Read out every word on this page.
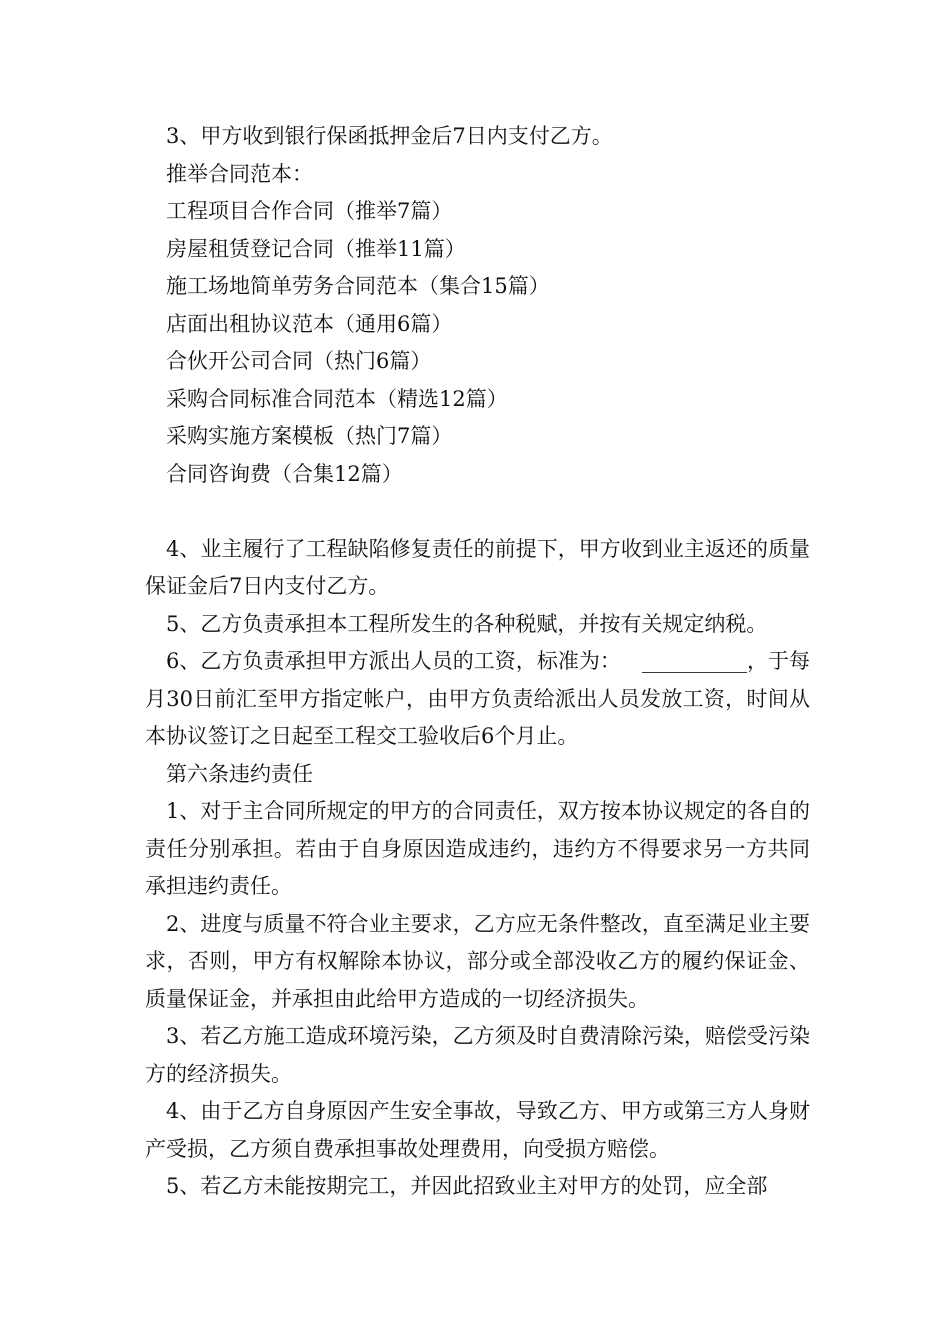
3、甲方收到银行保函抵押金后7日内支付乙方。
推举合同范本：
工程项目合作合同（推举7篇）
房屋租赁登记合同（推举11篇）
施工场地简单劳务合同范本（集合15篇）
店面出租协议范本（通用6篇）
合伙开公司合同（热门6篇）
采购合同标准合同范本（精选12篇）
采购实施方案模板（热门7篇）
合同咨询费（合集12篇）

4、业主履行了工程缺陷修复责任的前提下，甲方收到业主返还的质量保证金后7日内支付乙方。

5、乙方负责承担本工程所发生的各种税赋，并按有关规定纳税。

6、乙方负责承担甲方派出人员的工资，标准为： __________，于每月30日前汇至甲方指定帐户，由甲方负责给派出人员发放工资，时间从本协议签订之日起至工程交工验收后6个月止。

第六条违约责任

1、对于主合同所规定的甲方的合同责任，双方按本协议规定的各自的责任分别承担。若由于自身原因造成违约，违约方不得要求另一方共同承担违约责任。

2、进度与质量不符合业主要求，乙方应无条件整改，直至满足业主要求，否则，甲方有权解除本协议，部分或全部没收乙方的履约保证金、质量保证金，并承担由此给甲方造成的一切经济损失。

3、若乙方施工造成环境污染，乙方须及时自费清除污染，赔偿受污染方的经济损失。

4、由于乙方自身原因产生安全事故，导致乙方、甲方或第三方人身财产受损，乙方须自费承担事故处理费用，向受损方赔偿。

5、若乙方未能按期完工，并因此招致业主对甲方的处罚，应全部
